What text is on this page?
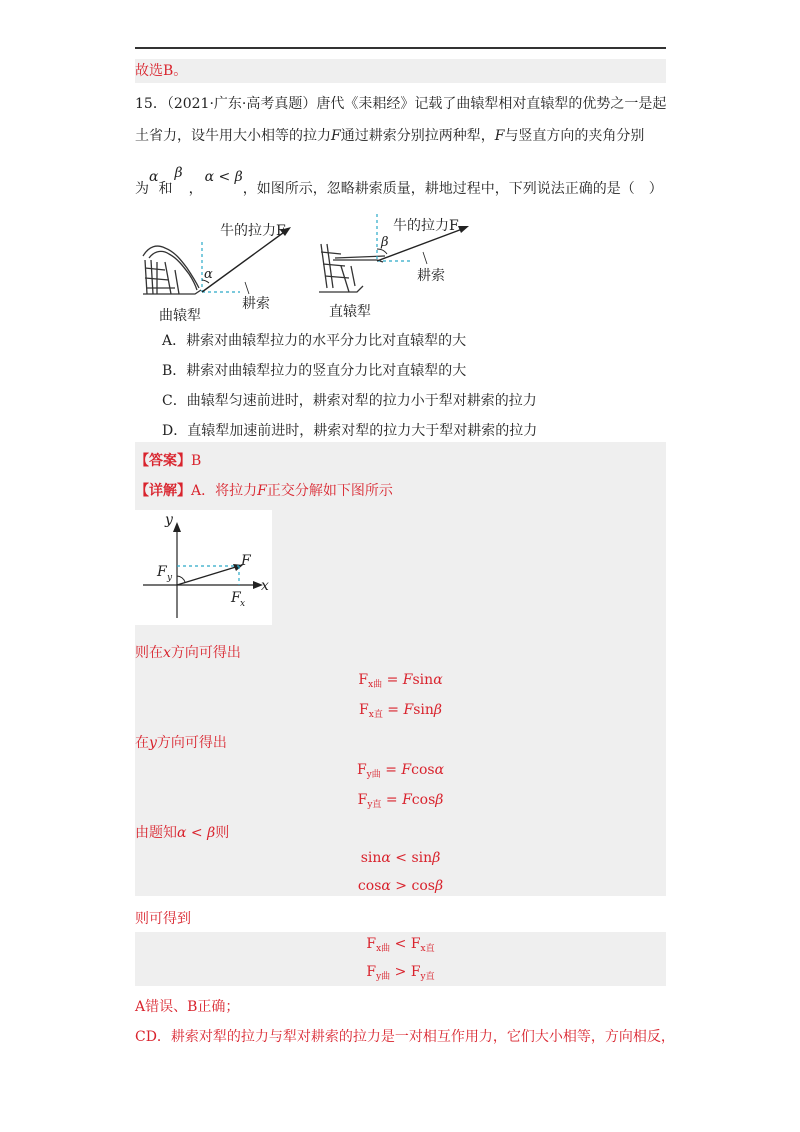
故选B。
15．（2021·广东·高考真题）唐代《耒耜经》记载了曲辕犁相对直辕犁的优势之一是起
土省力，设牛用大小相等的拉力F通过耕索分别拉两种犁，F与竖直方向的夹角分别
为α和β，α < β，如图所示，忽略耕索质量，耕地过程中，下列说法正确的是（　）
牛的拉力F
α
耕索
曲辕犁
牛的拉力F
β
耕索
直辕犁
A．耕索对曲辕犁拉力的水平分力比对直辕犁的大
B．耕索对曲辕犁拉力的竖直分力比对直辕犁的大
C．曲辕犁匀速前进时，耕索对犁的拉力小于犁对耕索的拉力
D．直辕犁加速前进时，耕索对犁的拉力大于犁对耕索的拉力
【答案】B
【详解】A．将拉力F正交分解如下图所示
y
x
F
F y
F x
则在x方向可得出
$F_{x曲} = Fsin\alpha$
$F_{x直} = Fsin\beta$
在y方向可得出
$F_{y曲} = Fcos\alpha$
$F_{y直} = Fcos\beta$
由题知α < β则
sinα < sinβ
cosα > cosβ
则可得到
$F_{x曲} < F_{x直}$
$F_{y曲} > F_{y直}$
A错误、B正确；
CD．耕索对犁的拉力与犁对耕索的拉力是一对相互作用力，它们大小相等，方向相反，
